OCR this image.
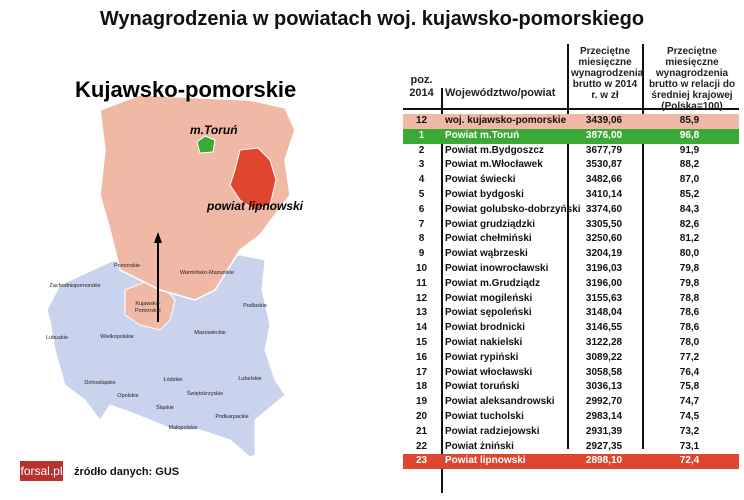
Wynagrodzenia w powiatach woj. kujawsko-pomorskiego
Kujawsko-pomorskie
m.Toruń
powiat lipnowski
Pomorskie
Warmińsko-Mazurskie
Zachodniopomorskie
Kujawsko-
Pomorskie
Podlaskie
Lubuskie	Wielkopolskie
Mazowieckie
Łódzkie	Lubelskie
Dolnośląskie
Opolskie	Świętokrzyskie
Śląskie
Podkarpackie
Małopolskie
poz. 2014	Województwo/powiat
Przeciętne miesięczne wynagrodzenia brutto w 2014 r. w zł
Przeciętne miesięczne wynagrodzenia brutto w relacji do średniej krajowej (Polska=100)
12	woj. kujawsko-pomorskie	3439,06	85,9
1	Powiat m.Toruń	3876,00	96,8
2	Powiat m.Bydgoszcz	3677,79	91,9
3	Powiat m.Włocławek	3530,87	88,2
4	Powiat świecki	3482,66	87,0
5	Powiat bydgoski	3410,14	85,2
6	Powiat golubsko-dobrzyński 3374,60	84,3
7	Powiat grudziądzki	3305,50	82,6
8	Powiat chełmiński	3250,60	81,2
9	Powiat wąbrzeski	3204,19	80,0
10	Powiat inowrocławski	3196,03	79,8
11	Powiat m.Grudziądz	3196,00	79,8
12	Powiat mogileński	3155,63	78,8
13	Powiat sępoleński	3148,04	78,6
14	Powiat brodnicki	3146,55	78,6
15	Powiat nakielski	3122,28	78,0
16	Powiat rypiński	3089,22	77,2
17	Powiat włocławski	3058,58	76,4
18	Powiat toruński	3036,13	75,8
19	Powiat aleksandrowski	2992,70	74,7
20	Powiat tucholski	2983,14	74,5
21	Powiat radziejowski	2931,39	73,2
22	Powiat żniński	2927,35	73,1
23	Powiat lipnowski	2898,10	72,4
forsal.pl źródło danych: GUS
